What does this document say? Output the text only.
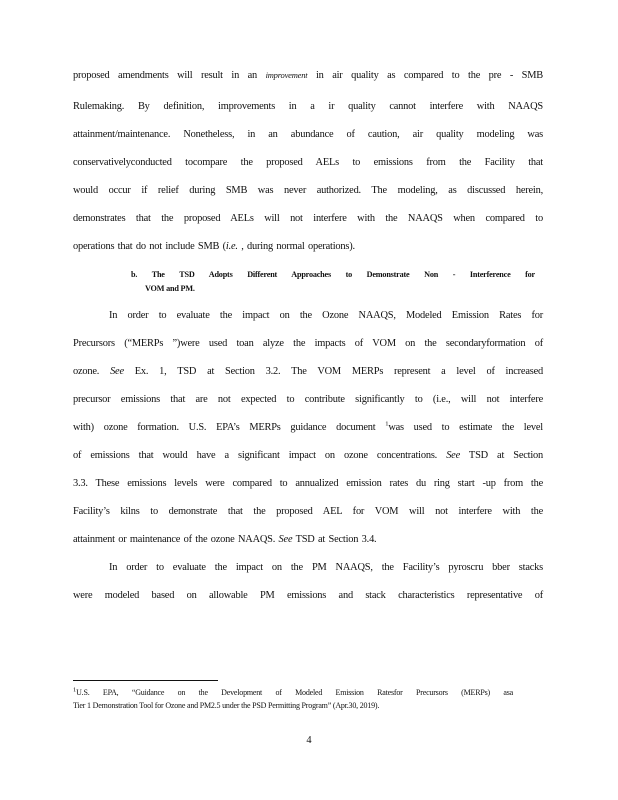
proposed amendments will result in an improvement in air quality as compared to the pre - SMB
Rulemaking. By definition, improvements in a ir quality cannot interfere with NAAQS
attainment/maintenance. Nonetheless, in an abundance of caution, air quality modeling was
conservativelyconducted tocompare the proposed AELs to emissions from the Facility that
would occur if relief during SMB was never authorized. The modeling, as discussed herein,
demonstrates that the proposed AELs will not interfere with the NAAQS when compared to
operations that do not include SMB (i.e. , during normal operations).
b. The TSD Adopts Different Approaches to Demonstrate Non - Interference for
VOM and PM.
In order to evaluate the impact on the Ozone NAAQS, Modeled Emission Rates for
Precursors (“MERPs ”)were used toan alyze the impacts of VOM on the secondaryformation of
ozone. See Ex. 1, TSD at Section 3.2. The VOM MERPs represent a level of increased
precursor emissions that are not expected to contribute significantly to (i.e., will not interfere
with) ozone formation. U.S. EPA’s MERPs guidance document $^1$was used to estimate the level
of emissions that would have a significant impact on ozone concentrations. See TSD at Section
3.3. These emissions levels were compared to annualized emission rates du ring start -up from the
Facility’s kilns to demonstrate that the proposed AEL for VOM will not interfere with the
attainment or maintenance of the ozone NAAQS. See TSD at Section 3.4.
In order to evaluate the impact on the PM NAAQS, the Facility’s pyroscru bber stacks
were modeled based on allowable PM emissions and stack characteristics representative of
$^1$U.S. EPA, “Guidance on the Development of Modeled Emission Ratesfor Precursors (MERPs) asa
Tier 1 Demonstration Tool for Ozone and PM2.5 under the PSD Permitting Program” (Apr.30, 2019).
4
